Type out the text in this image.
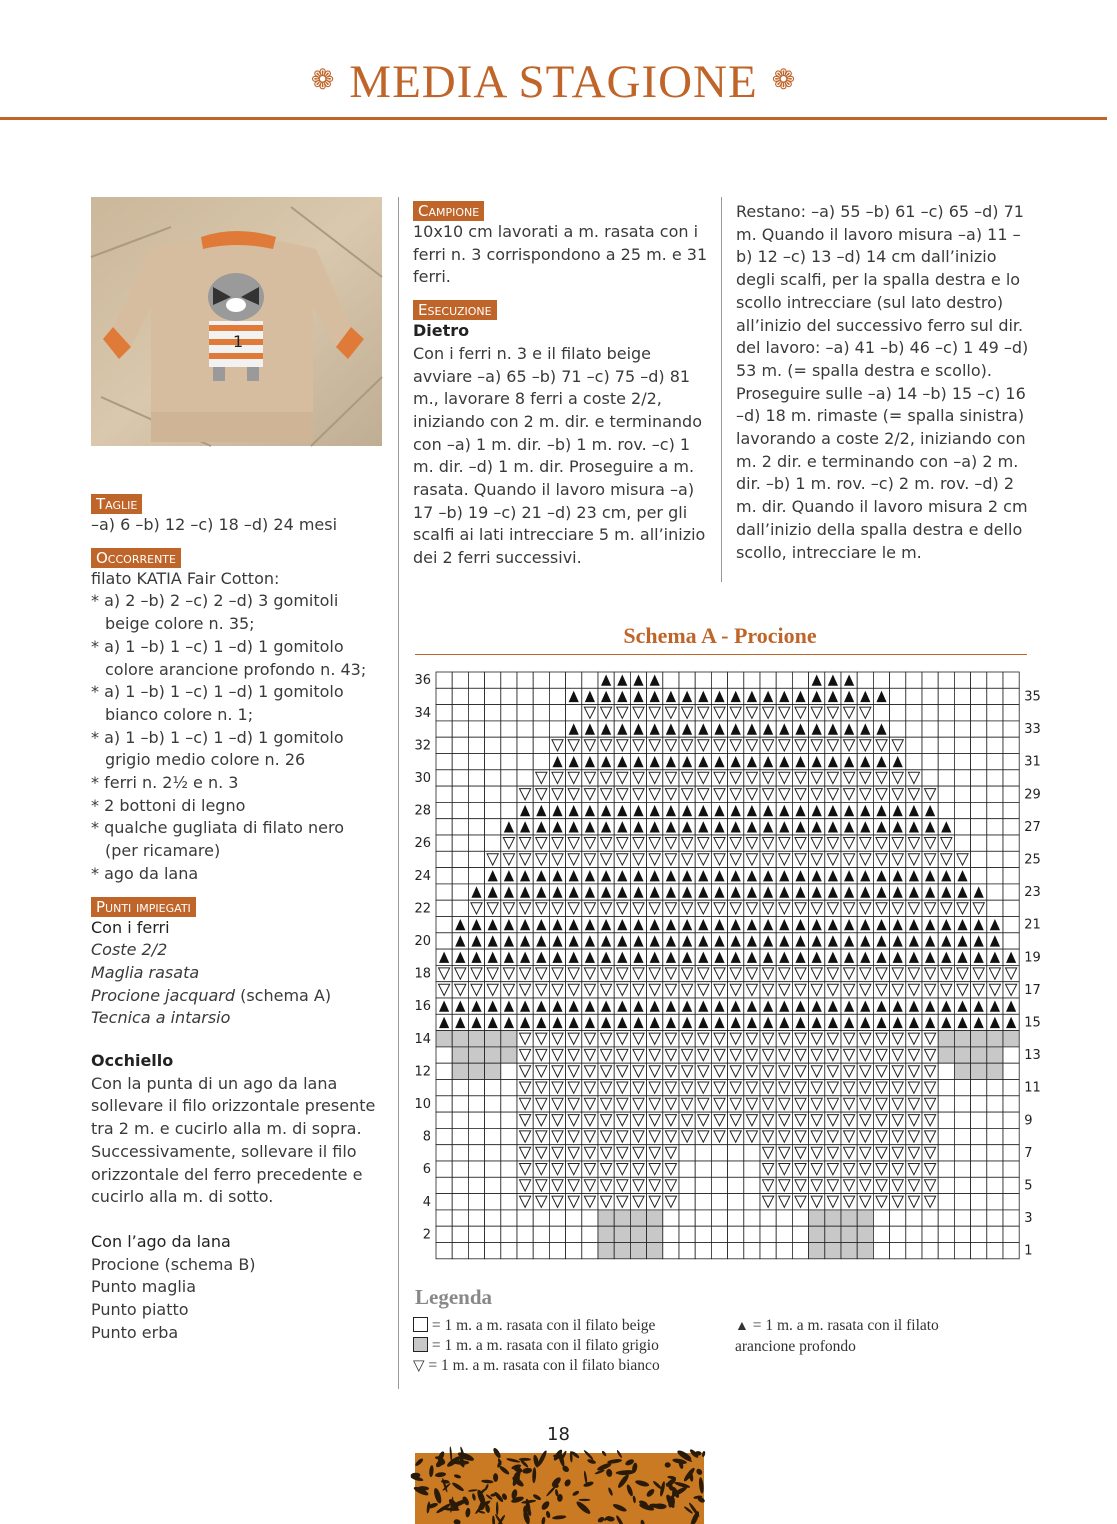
❁ MEDIA STAGIONE ❁
1
Taglie
–a) 6 –b) 12 –c) 18 –d) 24 mesi
Occorrente
filato KATIA Fair Cotton:
* a) 2 –b) 2 –c) 2 –d) 3 gomitoli beige colore n. 35;
* a) 1 –b) 1 –c) 1 –d) 1 gomitolo colore arancione profondo n. 43;
* a) 1 –b) 1 –c) 1 –d) 1 gomitolo bianco colore n. 1;
* a) 1 –b) 1 –c) 1 –d) 1 gomitolo grigio medio colore n. 26
* ferri n. 2½ e n. 3
* 2 bottoni di legno
* qualche gugliata di filato nero (per ricamare)
* ago da lana
Punti impiegati
Con i ferri
Coste 2/2
Maglia rasata
Procione jacquard (schema A)
Tecnica a intarsio
Occhiello
Con la punta di un ago da lana sollevare il filo orizzontale presente tra 2 m. e cucirlo alla m. di sopra. Successivamente, sollevare il filo orizzontale del ferro precedente e cucirlo alla m. di sotto.
Con l’ago da lana
Procione (schema B)
Punto maglia
Punto piatto
Punto erba
Campione
10x10 cm lavorati a m. rasata con i ferri n. 3 corrispondono a 25 m. e 31 ferri.
Esecuzione
Dietro
Con i ferri n. 3 e il filato beige avviare –a) 65 –b) 71 –c) 75 –d) 81 m., lavorare 8 ferri a coste 2/2, iniziando con 2 m. dir. e terminando con –a) 1 m. dir. –b) 1 m. rov. –c) 1 m. dir. –d) 1 m. dir. Proseguire a m. rasata. Quando il lavoro misura –a) 17 –b) 19 –c) 21 –d) 23 cm, per gli scalfi ai lati intrecciare 5 m. all’inizio dei 2 ferri successivi.
Restano: –a) 55 –b) 61 –c) 65 –d) 71 m. Quando il lavoro misura –a) 11 –b) 12 –c) 13 –d) 14 cm dall’inizio degli scalfi, per la spalla destra e lo scollo intrecciare (sul lato destro) all’inizio del successivo ferro sul dir. del lavoro: –a) 41 –b) 46 –c) 1 49 –d) 53 m. (= spalla destra e scollo). Proseguire sulle –a) 14 –b) 15 –c) 16 –d) 18 m. rimaste (= spalla sinistra) lavorando a coste 2/2, iniziando con m. 2 dir. e terminando con –a) 2 m. dir. –b) 1 m. rov. –c) 2 m. rov. –d) 2 m. dir. Quando il lavoro misura 2 cm dall’inizio della spalla destra e dello scollo, intrecciare le m.
Schema A - Procione
36
34
32
30
28
26
24
22
20
18
16
14
12
10
8
6
4
2
35
33
31
29
27
25
23
21
19
17
15
13
11
9
7
5
3
1
Legenda
= 1 m. a m. rasata con il filato beige
= 1 m. a m. rasata con il filato grigio
▽ = 1 m. a m. rasata con il filato bianco
▲ = 1 m. a m. rasata con il filato arancione profondo
18
